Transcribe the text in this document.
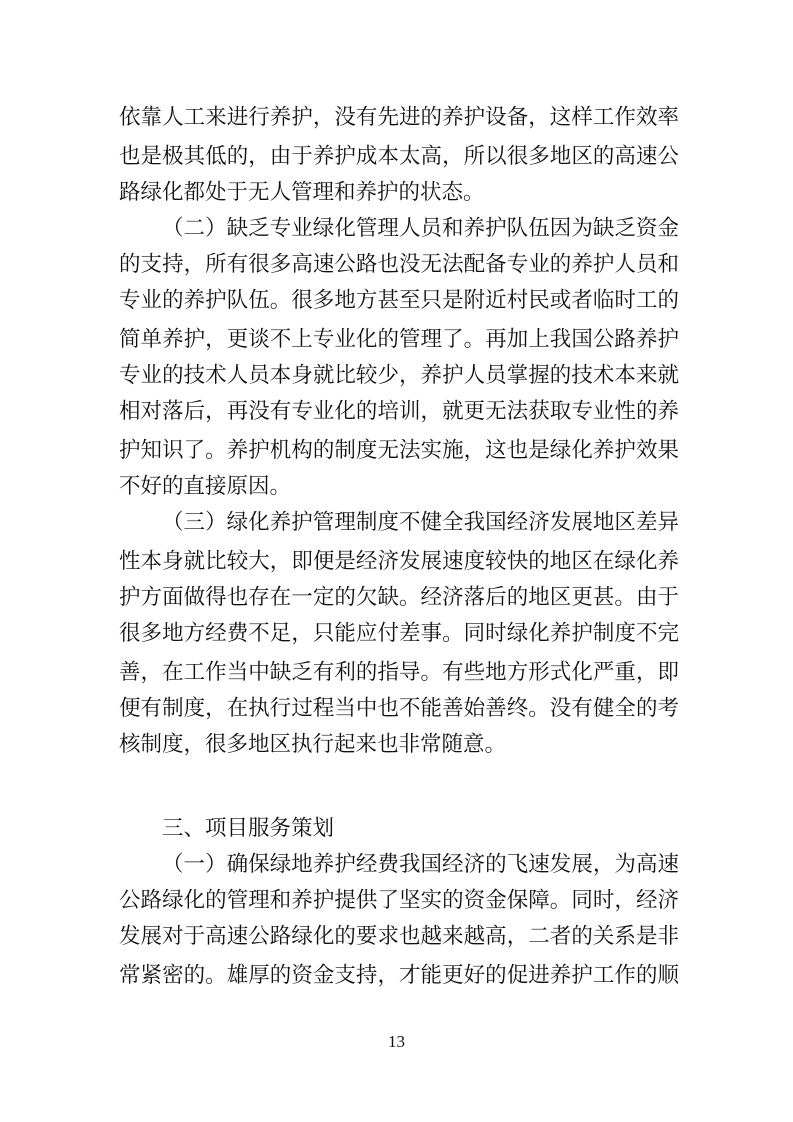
依靠人工来进行养护，没有先进的养护设备，这样工作效率
也是极其低的，由于养护成本太高，所以很多地区的高速公
路绿化都处于无人管理和养护的状态。
（二）缺乏专业绿化管理人员和养护队伍因为缺乏资金
的支持，所有很多高速公路也没无法配备专业的养护人员和
专业的养护队伍。很多地方甚至只是附近村民或者临时工的
简单养护，更谈不上专业化的管理了。再加上我国公路养护
专业的技术人员本身就比较少，养护人员掌握的技术本来就
相对落后，再没有专业化的培训，就更无法获取专业性的养
护知识了。养护机构的制度无法实施，这也是绿化养护效果
不好的直接原因。
（三）绿化养护管理制度不健全我国经济发展地区差异
性本身就比较大，即便是经济发展速度较快的地区在绿化养
护方面做得也存在一定的欠缺。经济落后的地区更甚。由于
很多地方经费不足，只能应付差事。同时绿化养护制度不完
善，在工作当中缺乏有利的指导。有些地方形式化严重，即
便有制度，在执行过程当中也不能善始善终。没有健全的考
核制度，很多地区执行起来也非常随意。
三、项目服务策划
（一）确保绿地养护经费我国经济的飞速发展，为高速
公路绿化的管理和养护提供了坚实的资金保障。同时，经济
发展对于高速公路绿化的要求也越来越高，二者的关系是非
常紧密的。雄厚的资金支持，才能更好的促进养护工作的顺
13
